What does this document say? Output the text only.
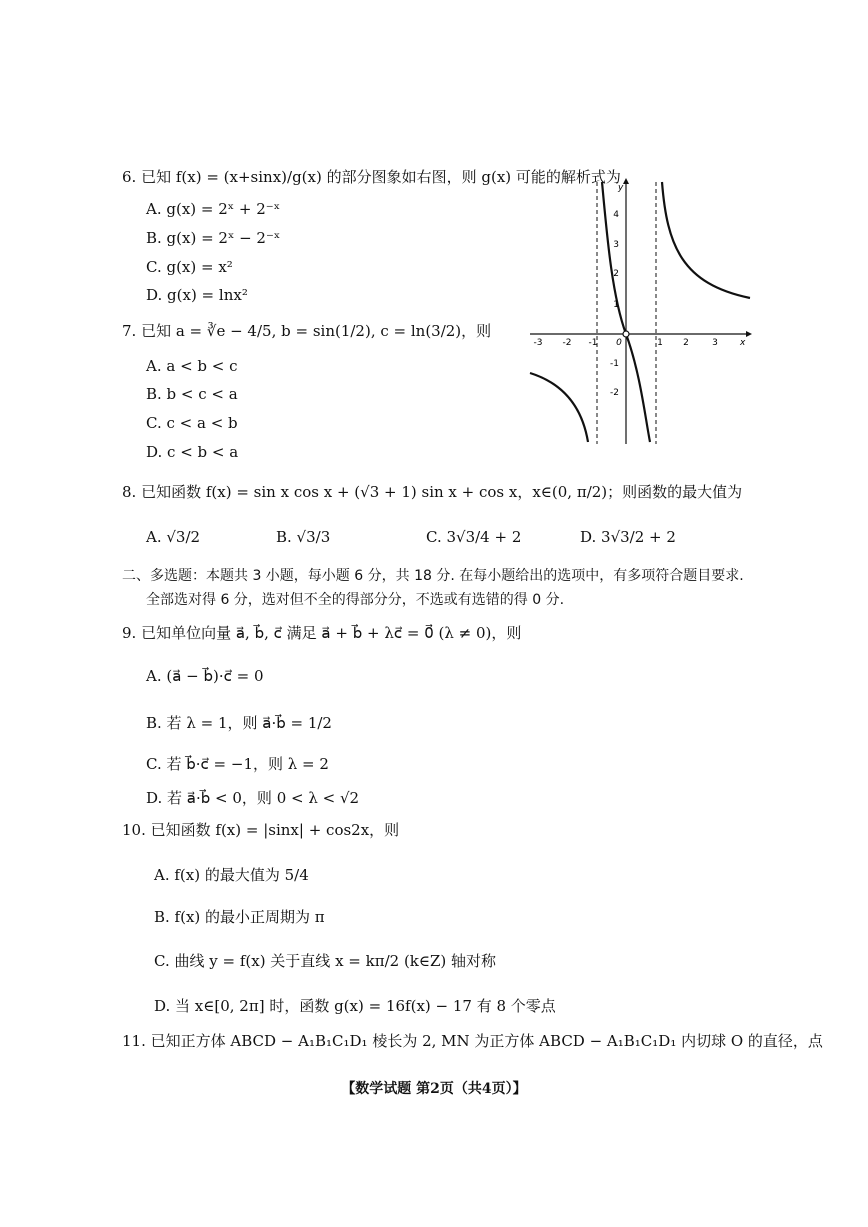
6. 已知 f(x) = (x+sinx)/g(x) 的部分图象如右图，则 g(x) 可能的解析式为
A. g(x) = 2ˣ + 2⁻ˣ
B. g(x) = 2ˣ − 2⁻ˣ
C. g(x) = x²
D. g(x) = lnx²
7. 已知 a = ∛e − 4/5, b = sin(1/2), c = ln(3/2)，则
A. a < b < c
B. b < c < a
C. c < a < b
D. c < b < a
-3 -2 -1 0	1 2	3 x
y
4
3
2
1
-1
-2
8. 已知函数 f(x) = sin x cos x + (√3 + 1) sin x + cos x，x∈(0, π/2)；则函数的最大值为
A. √3/2	B. √3/3	C. 3√3/4 + 2	D. 3√3/2 + 2
二、多选题：本题共 3 小题，每小题 6 分，共 18 分. 在每小题给出的选项中，有多项符合题目要求.
全部选对得 6 分，选对但不全的得部分分，不选或有选错的得 0 分.
9. 已知单位向量 a⃗, b⃗, c⃗ 满足 a⃗ + b⃗ + λc⃗ = 0⃗ (λ ≠ 0)，则
A. (a⃗ − b⃗)·c⃗ = 0
B. 若 λ = 1，则 a⃗·b⃗ = 1/2
C. 若 b⃗·c⃗ = −1，则 λ = 2
D. 若 a⃗·b⃗ < 0，则 0 < λ < √2
10. 已知函数 f(x) = |sinx| + cos2x，则
A. f(x) 的最大值为 5/4
B. f(x) 的最小正周期为 π
C. 曲线 y = f(x) 关于直线 x = kπ/2 (k∈Z) 轴对称
D. 当 x∈[0, 2π] 时，函数 g(x) = 16f(x) − 17 有 8 个零点
11. 已知正方体 ABCD − A₁B₁C₁D₁ 棱长为 2, MN 为正方体 ABCD − A₁B₁C₁D₁ 内切球 O 的直径，点
【数学试题 第2页（共4页）】
